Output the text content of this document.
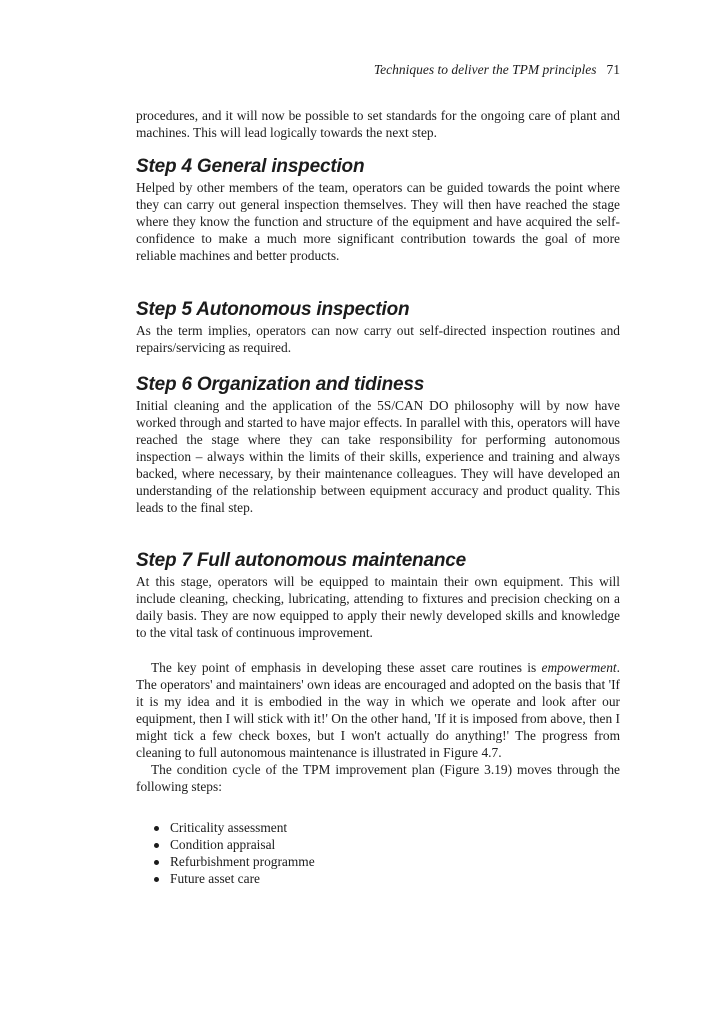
Techniques to deliver the TPM principles 71

procedures, and it will now be possible to set standards for the ongoing care of plant and machines. This will lead logically towards the next step.

Step 4 General inspection

Helped by other members of the team, operators can be guided towards the point where they can carry out general inspection themselves. They will then have reached the stage where they know the function and structure of the equipment and have acquired the self-confidence to make a much more significant contribution towards the goal of more reliable machines and better products.

Step 5 Autonomous inspection

As the term implies, operators can now carry out self-directed inspection routines and repairs/servicing as required.

Step 6 Organization and tidiness

Initial cleaning and the application of the 5S/CAN DO philosophy will by now have worked through and started to have major effects. In parallel with this, operators will have reached the stage where they can take responsibility for performing autonomous inspection – always within the limits of their skills, experience and training and always backed, where necessary, by their maintenance colleagues. They will have developed an understanding of the relationship between equipment accuracy and product quality. This leads to the final step.

Step 7 Full autonomous maintenance

At this stage, operators will be equipped to maintain their own equipment. This will include cleaning, checking, lubricating, attending to fixtures and precision checking on a daily basis. They are now equipped to apply their newly developed skills and knowledge to the vital task of continuous improvement.

The key point of emphasis in developing these asset care routines is empowerment. The operators' and maintainers' own ideas are encouraged and adopted on the basis that 'If it is my idea and it is embodied in the way in which we operate and look after our equipment, then I will stick with it!' On the other hand, 'If it is imposed from above, then I might tick a few check boxes, but I won't actually do anything!' The progress from cleaning to full autonomous maintenance is illustrated in Figure 4.7.

The condition cycle of the TPM improvement plan (Figure 3.19) moves through the following steps:

Criticality assessment
Condition appraisal
Refurbishment programme
Future asset care
